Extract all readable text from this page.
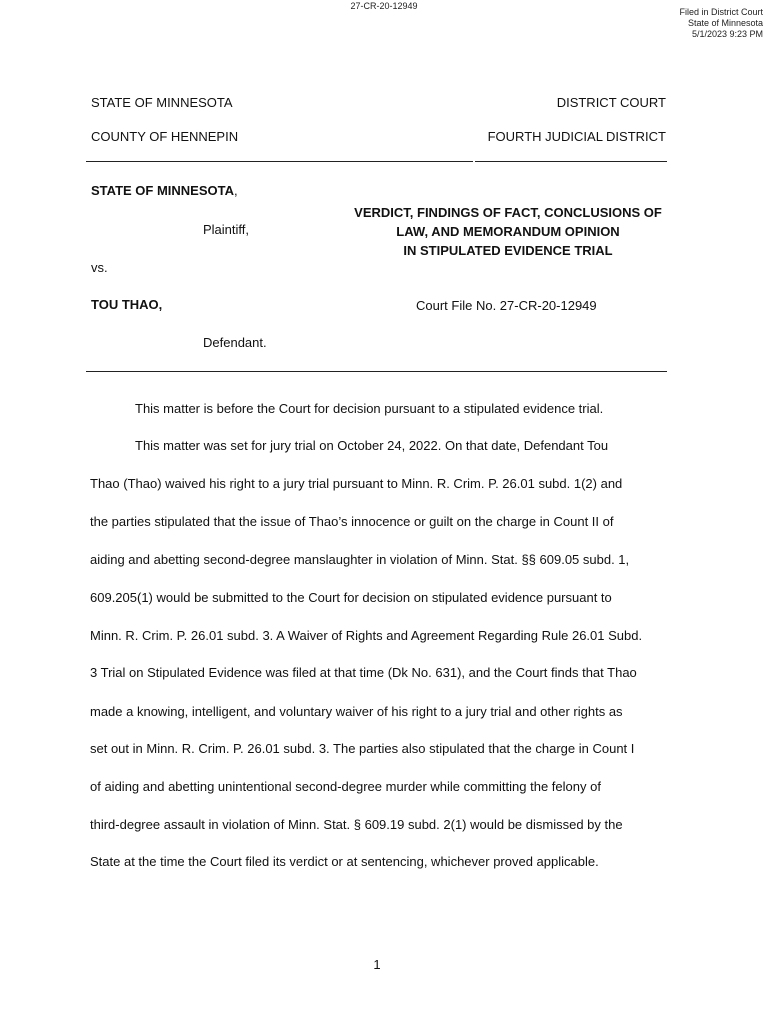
27-CR-20-12949
Filed in District Court
State of Minnesota
5/1/2023 9:23 PM
STATE OF MINNESOTA	DISTRICT COURT
COUNTY OF HENNEPIN	FOURTH JUDICIAL DISTRICT
STATE OF MINNESOTA,
Plaintiff,
vs.
TOU THAO,
Defendant.
VERDICT, FINDINGS OF FACT, CONCLUSIONS OF
LAW, AND MEMORANDUM OPINION
IN STIPULATED EVIDENCE TRIAL
Court File No. 27-CR-20-12949
This matter is before the Court for decision pursuant to a stipulated evidence trial.
This matter was set for jury trial on October 24, 2022. On that date, Defendant Tou
Thao (Thao) waived his right to a jury trial pursuant to Minn. R. Crim. P. 26.01 subd. 1(2) and
the parties stipulated that the issue of Thao’s innocence or guilt on the charge in Count II of
aiding and abetting second-degree manslaughter in violation of Minn. Stat. §§ 609.05 subd. 1,
609.205(1) would be submitted to the Court for decision on stipulated evidence pursuant to
Minn. R. Crim. P. 26.01 subd. 3. A Waiver of Rights and Agreement Regarding Rule 26.01 Subd.
3 Trial on Stipulated Evidence was filed at that time (Dk No. 631), and the Court finds that Thao
made a knowing, intelligent, and voluntary waiver of his right to a jury trial and other rights as
set out in Minn. R. Crim. P. 26.01 subd. 3. The parties also stipulated that the charge in Count I
of aiding and abetting unintentional second-degree murder while committing the felony of
third-degree assault in violation of Minn. Stat. § 609.19 subd. 2(1) would be dismissed by the
State at the time the Court filed its verdict or at sentencing, whichever proved applicable.
1
